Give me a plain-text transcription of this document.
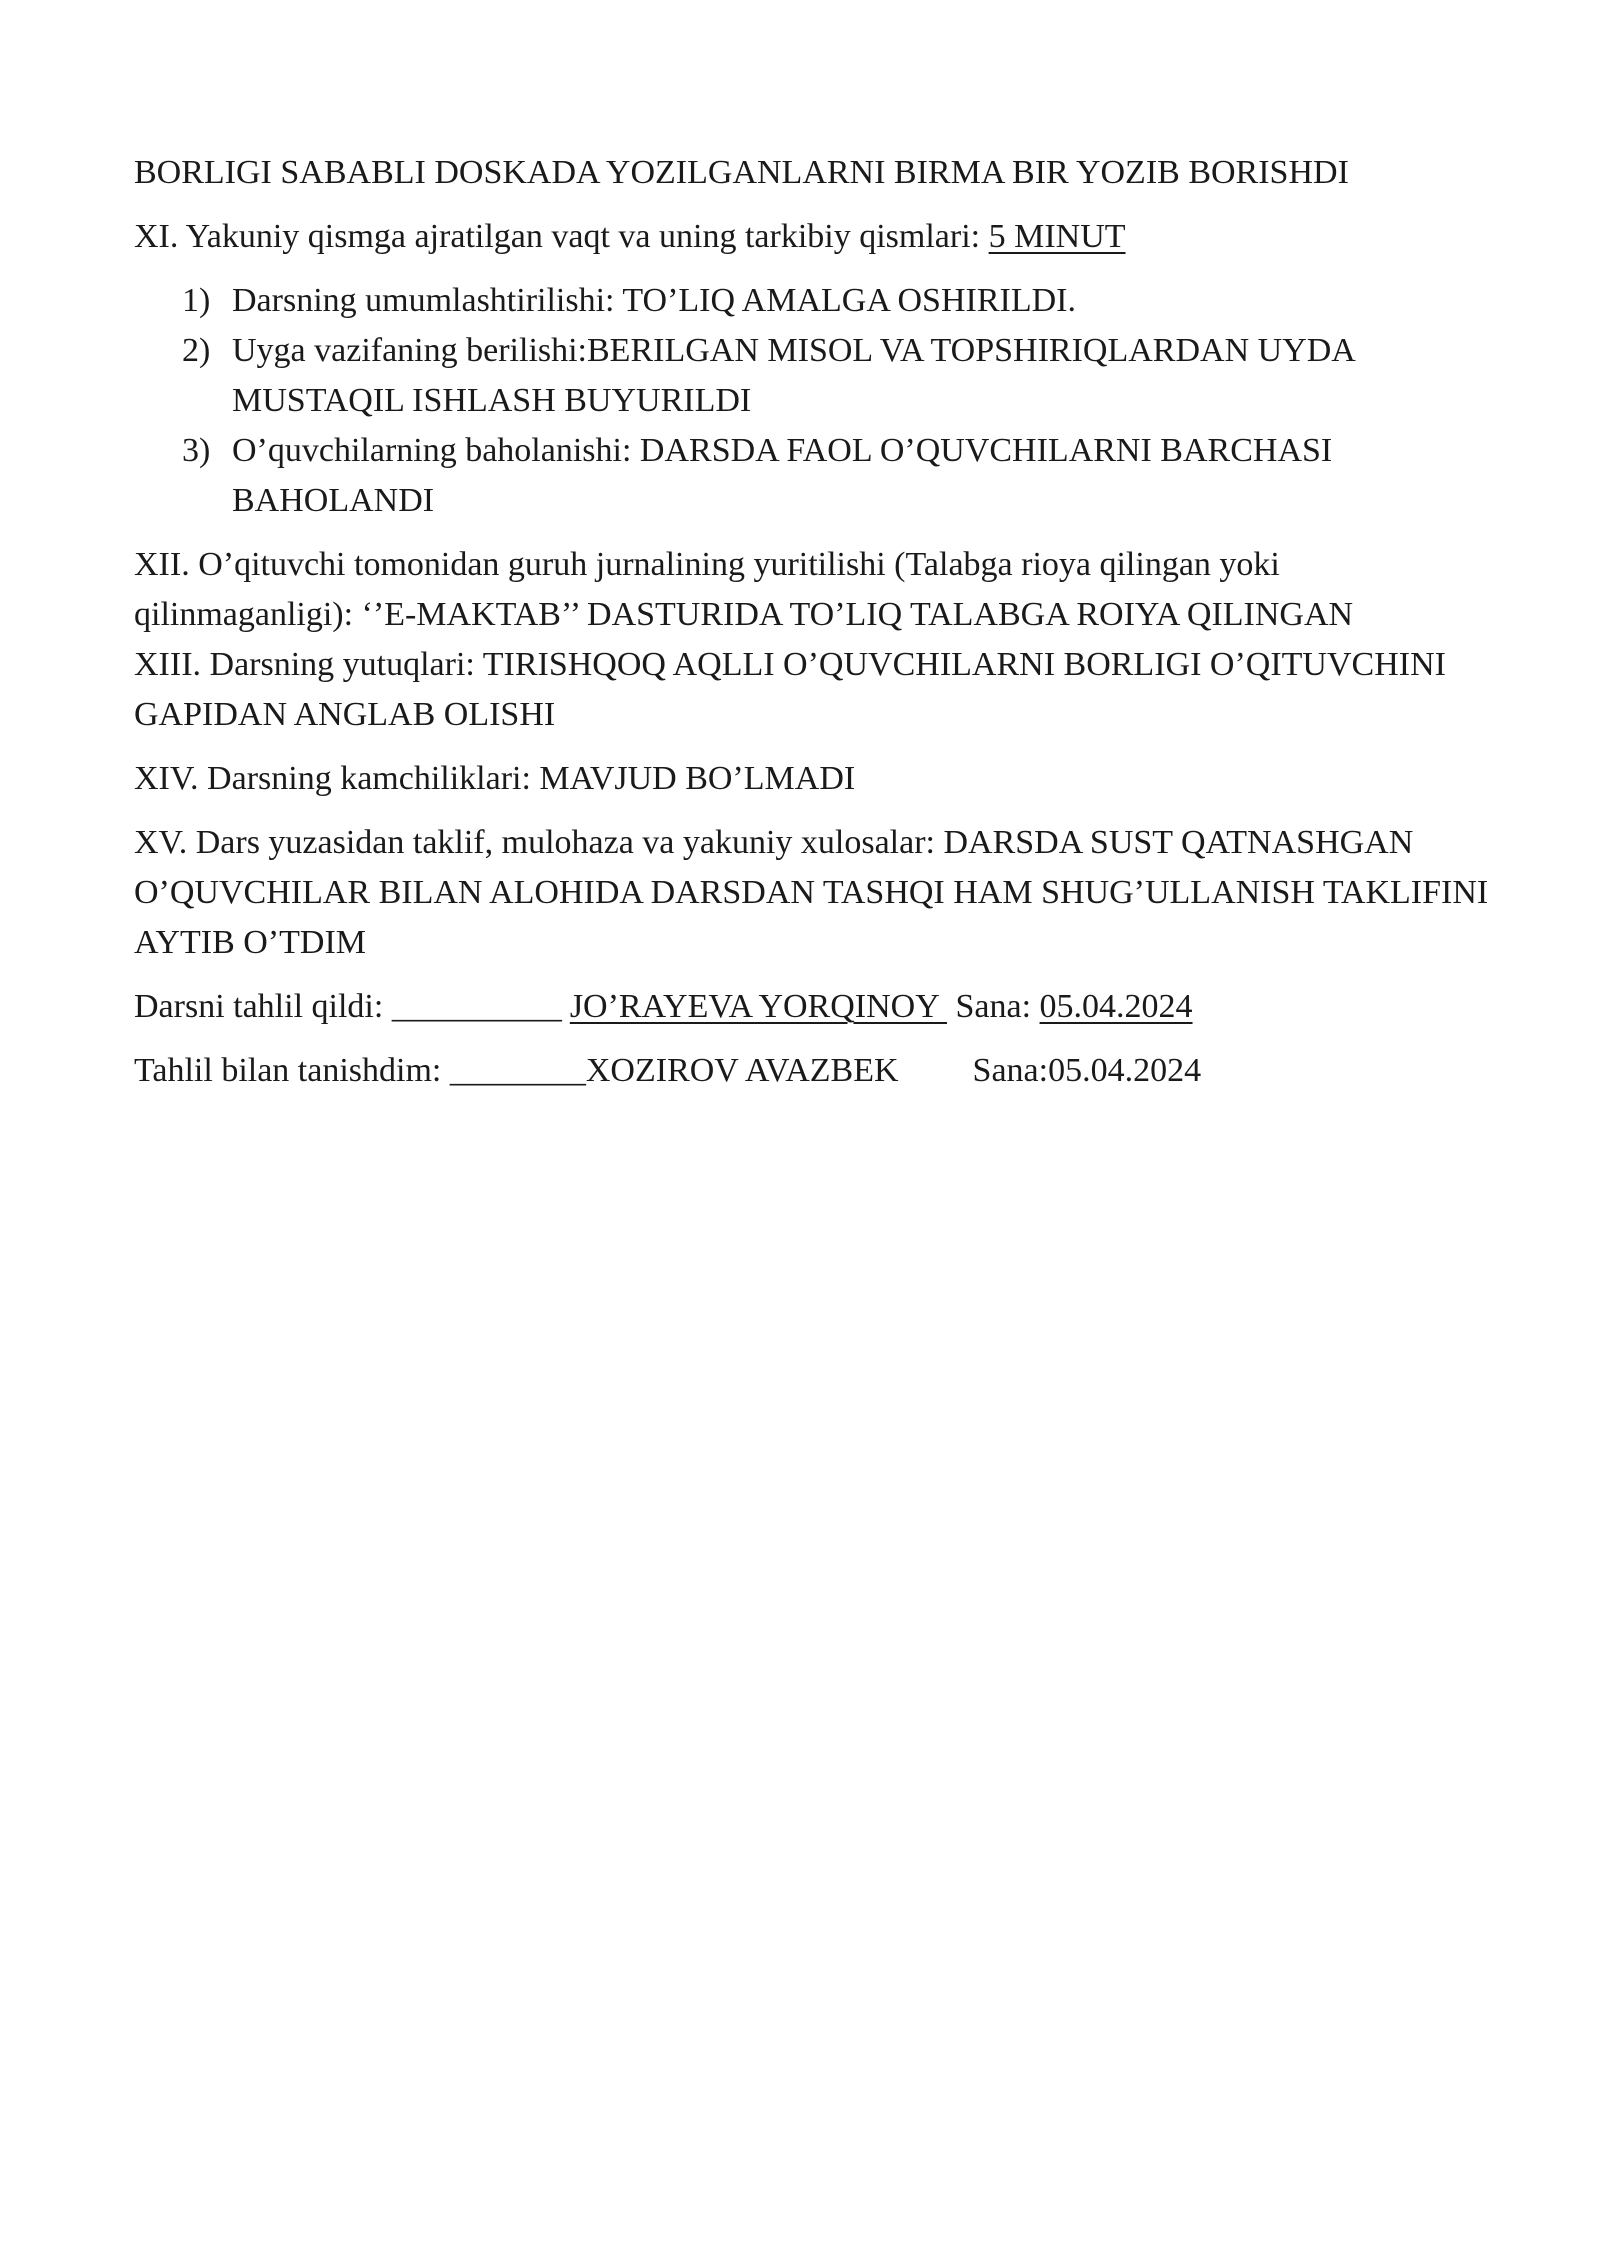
BORLIGI SABABLI DOSKADA YOZILGANLARNI BIRMA BIR YOZIB BORISHDI

XI. Yakuniy qismga ajratilgan vaqt va uning tarkibiy qismlari: 5 MINUT

1) Darsning umumlashtirilishi: TO’LIQ AMALGA OSHIRILDI.
2) Uyga vazifaning berilishi:BERILGAN MISOL VA TOPSHIRIQLARDAN UYDA MUSTAQIL ISHLASH BUYURILDI
3) O’quvchilarning baholanishi: DARSDA FAOL O’QUVCHILARNI BARCHASI BAHOLANDI

XII. O’qituvchi tomonidan guruh jurnalining yuritilishi (Talabga rioya qilingan yoki qilinmaganligi): ‘’E-MAKTAB’’ DASTURIDA TO’LIQ TALABGA ROIYA QILINGAN

XIII. Darsning yutuqlari: TIRISHQOQ AQLLI O’QUVCHILARNI BORLIGI O’QITUVCHINI GAPIDAN ANGLAB OLISHI

XIV. Darsning kamchiliklari: MAVJUD BO’LMADI

XV. Dars yuzasidan taklif, mulohaza va yakuniy xulosalar: DARSDA SUST QATNASHGAN O’QUVCHILAR BILAN ALOHIDA DARSDAN TASHQI HAM SHUG’ULLANISH TAKLIFINI AYTIB O’TDIM

Darsni tahlil qildi: __________ JO’RAYEVA YORQINOY  Sana: 05.04.2024

Tahlil bilan tanishdim: ________XOZIROV AVAZBEK Sana:05.04.2024
